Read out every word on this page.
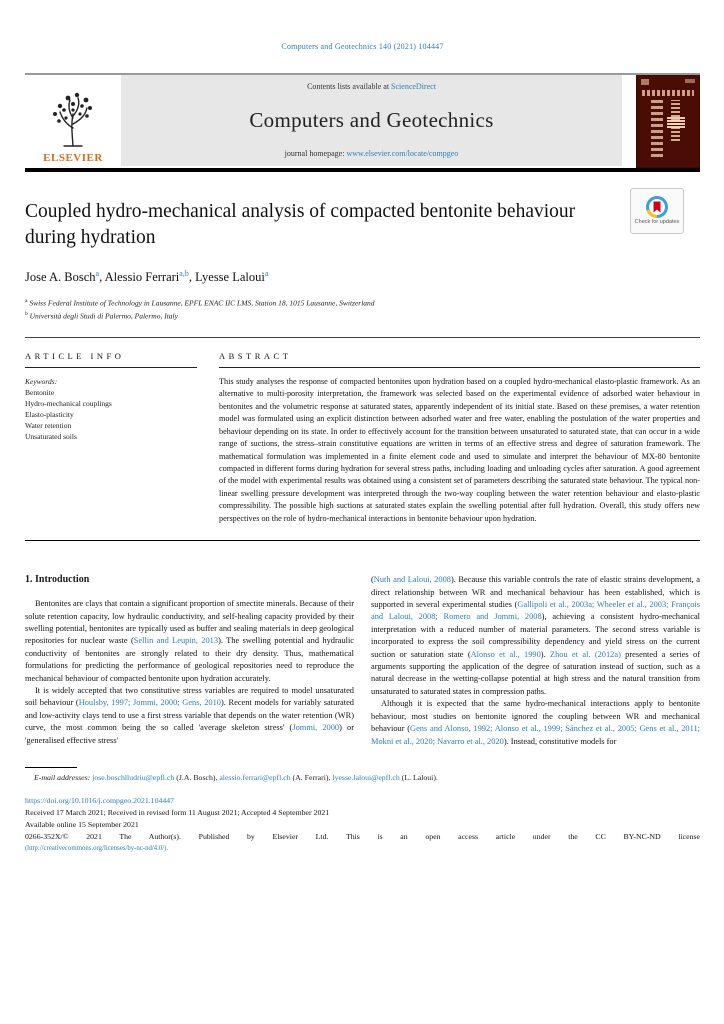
Computers and Geotechnics 140 (2021) 104447
ELSEVIER
Contents lists available at ScienceDirect
Computers and Geotechnics
journal homepage: www.elsevier.com/locate/compgeo
Coupled hydro-mechanical analysis of compacted bentonite behaviour during hydration
Check for updates
Jose A. Bosch$^a$, Alessio Ferrari$^{a,b}$, Lyesse Laloui$^a$
$^a$ Swiss Federal Institute of Technology in Lausanne, EPFL ENAC IIC LMS, Station 18, 1015 Lausanne, Switzerland
$^b$ Università degli Studi di Palermo, Palermo, Italy
ARTICLE INFO
Keywords:
Bentonite
Hydro-mechanical couplings
Elasto-plasticity
Water retention
Unsaturated soils
ABSTRACT
This study analyses the response of compacted bentonites upon hydration based on a coupled hydro-mechanical elasto-plastic framework. As an alternative to multi-porosity interpretation, the framework was selected based on the experimental evidence of adsorbed water behaviour in bentonites and the volumetric response at saturated states, apparently independent of its initial state. Based on these premises, a water retention model was formulated using an explicit distinction between adsorbed water and free water, enabling the postulation of the water properties and behaviour depending on its state. In order to effectively account for the transition between unsaturated to saturated state, that can occur in a wide range of suctions, the stress–strain constitutive equations are written in terms of an effective stress and degree of saturation framework. The mathematical formulation was implemented in a finite element code and used to simulate and interpret the behaviour of MX-80 bentonite compacted in different forms during hydration for several stress paths, including loading and unloading cycles after saturation. A good agreement of the model with experimental results was obtained using a consistent set of parameters describing the saturated state behaviour. The typical non-linear swelling pressure development was interpreted through the two-way coupling between the water retention behaviour and elasto-plastic compressibility. The possible high suctions at saturated states explain the swelling potential after full hydration. Overall, this study offers new perspectives on the role of hydro-mechanical interactions in bentonite behaviour upon hydration.
1. Introduction
Bentonites are clays that contain a significant proportion of smectite minerals. Because of their solute retention capacity, low hydraulic conductivity, and self-healing capacity provided by their swelling potential, bentonites are typically used as buffer and sealing materials in deep geological repositories for nuclear waste (Sellin and Leupin, 2013). The swelling potential and hydraulic conductivity of bentonites are strongly related to their dry density. Thus, mathematical formulations for predicting the performance of geological repositories need to reproduce the mechanical behaviour of compacted bentonite upon hydration accurately.
It is widely accepted that two constitutive stress variables are required to model unsaturated soil behaviour (Houlsby, 1997; Jommi, 2000; Gens, 2010). Recent models for variably saturated and low-activity clays tend to use a first stress variable that depends on the water retention (WR) curve, the most common being the so called 'average skeleton stress' (Jommi, 2000) or 'generalised effective stress'
(Nuth and Laloui, 2008). Because this variable controls the rate of elastic strains development, a direct relationship between WR and mechanical behaviour has been established, which is supported in several experimental studies (Gallipoli et al., 2003a; Wheeler et al., 2003; François and Laloui, 2008; Romero and Jommi, 2008), achieving a consistent hydro-mechanical interpretation with a reduced number of material parameters. The second stress variable is incorporated to express the soil compressibility dependency and yield stress on the current suction or saturation state (Alonso et al., 1990). Zhou et al. (2012a) presented a series of arguments supporting the application of the degree of saturation instead of suction, such as a natural decrease in the wetting-collapse potential at high stress and the natural transition from unsaturated to saturated states in compression paths.
Although it is expected that the same hydro-mechanical interactions apply to bentonite behaviour, most studies on bentonite ignored the coupling between WR and mechanical behaviour (Gens and Alonso, 1992; Alonso et al., 1999; Sánchez et al., 2005; Gens et al., 2011; Mokni et al., 2020; Navarro et al., 2020). Instead, constitutive models for
E-mail addresses: jose.boschlludriu@epfl.ch (J.A. Bosch), alessio.ferrari@epfl.ch (A. Ferrari), lyesse.laloui@epfl.ch (L. Laloui).
https://doi.org/10.1016/j.compgeo.2021.104447
Received 17 March 2021; Received in revised form 11 August 2021; Accepted 4 September 2021
Available online 15 September 2021
0266-352X/© 2021 The Author(s). Published by Elsevier Ltd. This is an open access article under the CC BY-NC-ND license
(http://creativecommons.org/licenses/by-nc-nd/4.0/).
